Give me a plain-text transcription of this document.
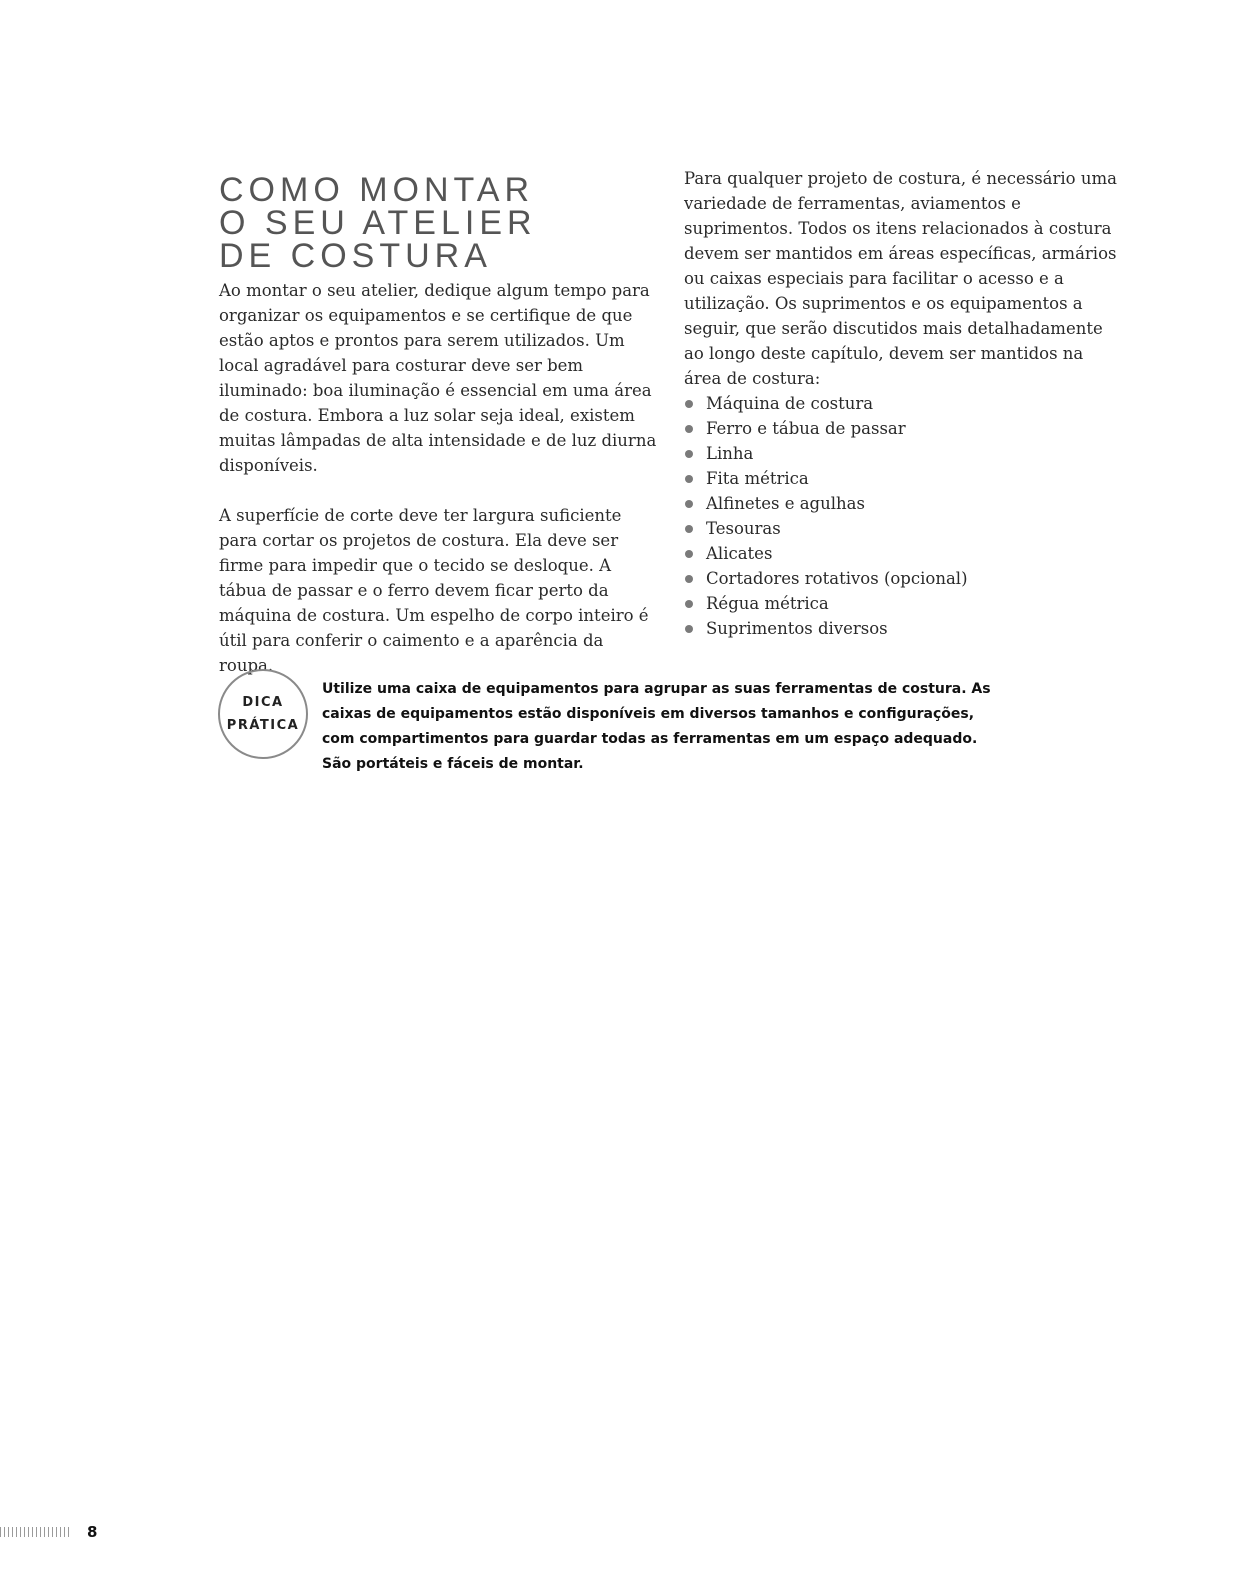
COMO MONTAR
O SEU ATELIER
DE COSTURA

Ao montar o seu atelier, dedique algum tempo para organizar os equipamentos e se certifique de que estão aptos e prontos para serem utilizados. Um local agradável para costurar deve ser bem iluminado: boa iluminação é essencial em uma área de costura. Embora a luz solar seja ideal, existem muitas lâmpadas de alta intensidade e de luz diurna disponíveis.

A superfície de corte deve ter largura suficiente para cortar os projetos de costura. Ela deve ser firme para impedir que o tecido se desloque. A tábua de passar e o ferro devem ficar perto da máquina de costura. Um espelho de corpo inteiro é útil para conferir o caimento e a aparência da roupa.

Para qualquer projeto de costura, é necessário uma variedade de ferramentas, aviamentos e suprimentos. Todos os itens relacionados à costura devem ser mantidos em áreas específicas, armários ou caixas especiais para facilitar o acesso e a utilização. Os suprimentos e os equipamentos a seguir, que serão discutidos mais detalhadamente ao longo deste capítulo, devem ser mantidos na área de costura:

Máquina de costura
Ferro e tábua de passar
Linha
Fita métrica
Alfinetes e agulhas
Tesouras
Alicates
Cortadores rotativos (opcional)
Régua métrica
Suprimentos diversos
DICA
PRÁTICA

Utilize uma caixa de equipamentos para agrupar as suas ferramentas de costura. As caixas de equipamentos estão disponíveis em diversos tamanhos e configurações, com compartimentos para guardar todas as ferramentas em um espaço adequado. São portáteis e fáceis de montar.

8
